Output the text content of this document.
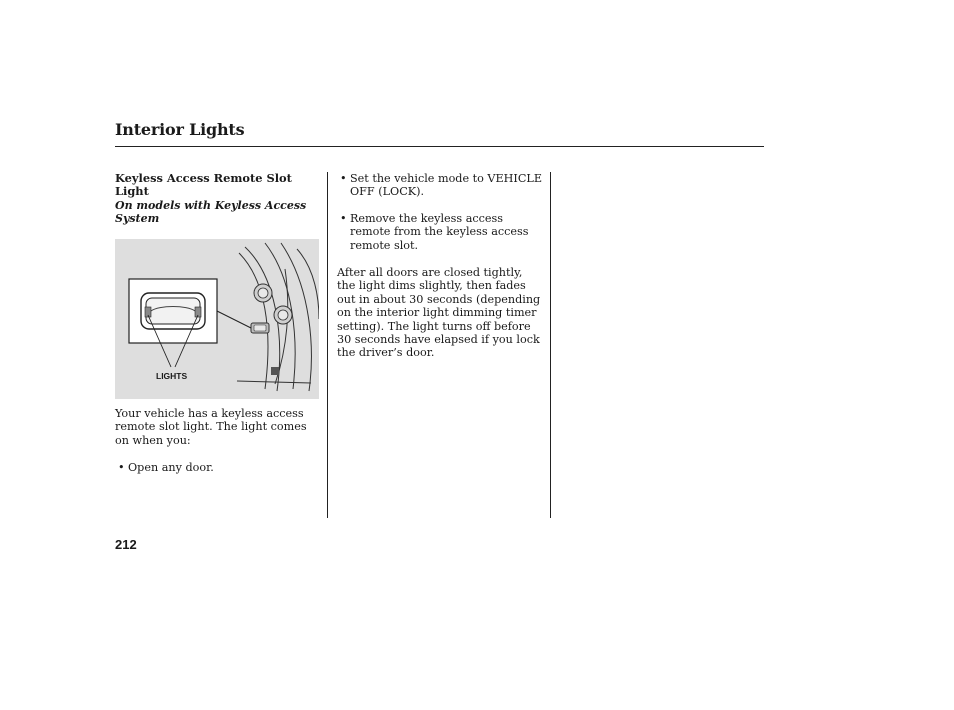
Interior Lights
Keyless Access Remote Slot Light
On models with Keyless Access System
LIGHTS

Your vehicle has a keyless access remote slot light. The light comes on when you:

• Open any door.
• Set the vehicle mode to VEHICLE OFF (LOCK).
• Remove the keyless access remote from the keyless access remote slot.

After all doors are closed tightly, the light dims slightly, then fades out in about 30 seconds (depending on the interior light dimming timer setting). The light turns off before 30 seconds have elapsed if you lock the driver’s door.

212
